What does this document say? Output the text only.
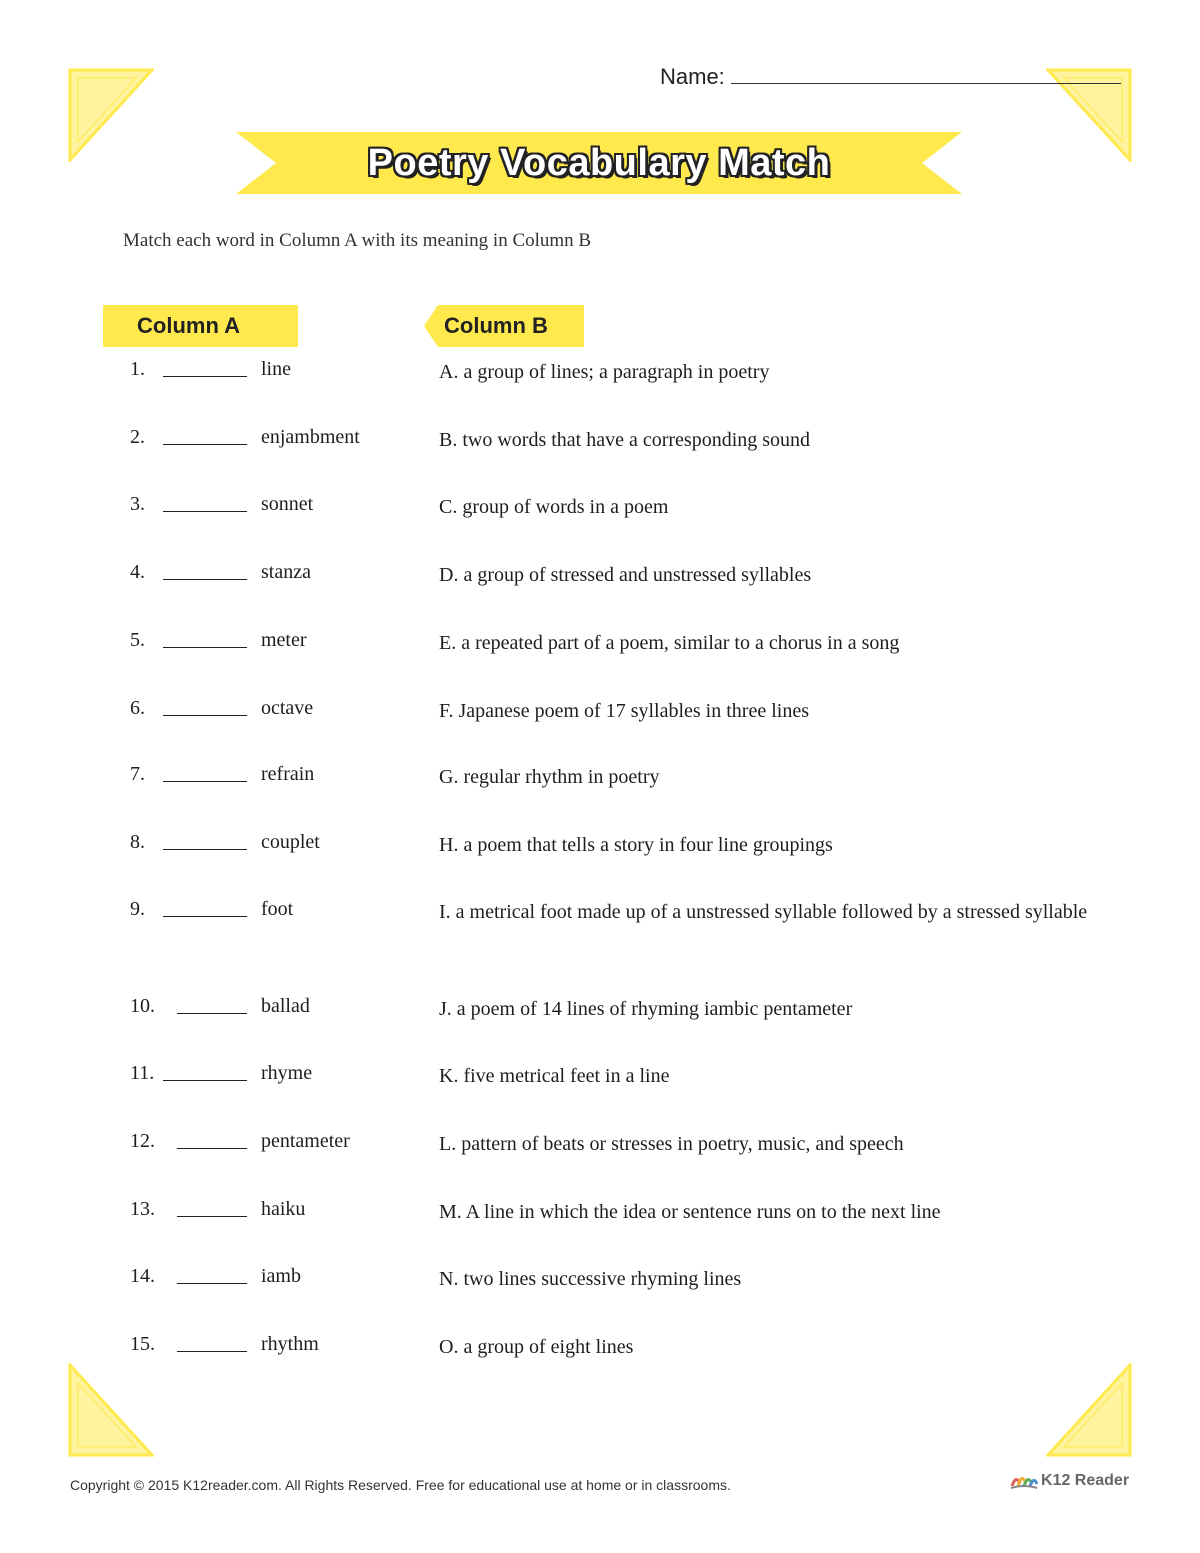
Name:
Poetry Vocabulary Match
Match each word in Column A with its meaning in Column B
Column A	Column B
1.	line	A. a group of lines; a paragraph in poetry
2.	enjambment	B. two words that have a corresponding sound
3.	sonnet	C. group of words in a poem
4.	stanza	D. a group of stressed and unstressed syllables
5.	meter	E. a repeated part of a poem, similar to a chorus in a song
6.	octave	F. Japanese poem of 17 syllables in three lines
7.	refrain	G. regular rhythm in poetry
8.	couplet	H. a poem that tells a story in four line groupings
9.	foot	I. a metrical foot made up of a unstressed syllable followed by a stressed syllable
10.	ballad	J. a poem of 14 lines of rhyming iambic pentameter
11.	rhyme	K. five metrical feet in a line
12.	pentameter	L. pattern of beats or stresses in poetry, music, and speech
13.	haiku	M. A line in which the idea or sentence runs on to the next line
14.	iamb	N. two lines successive rhyming lines
15.	rhythm	O. a group of eight lines
Copyright © 2015 K12reader.com. All Rights Reserved. Free for educational use at home or in classrooms.	K12 Reader
